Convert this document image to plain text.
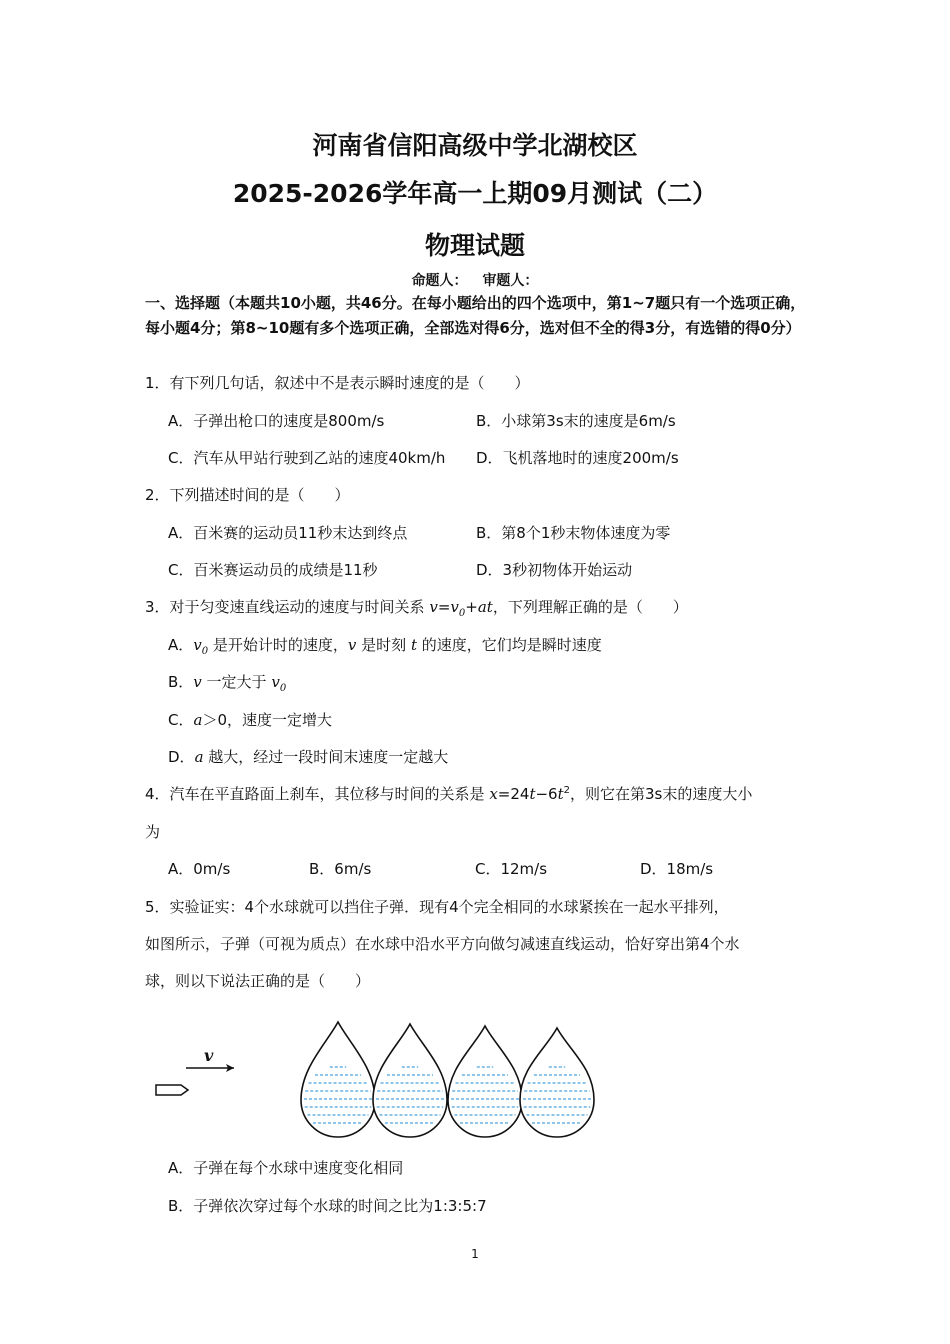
河南省信阳高级中学北湖校区
2025-2026学年高一上期09月测试（二）
物理试题
命题人： 审题人：
一、选择题（本题共10小题，共46分。在每小题给出的四个选项中，第1~7题只有一个选项正确，每小题4分；第8~10题有多个选项正确，全部选对得6分，选对但不全的得3分，有选错的得0分）
1．有下列几句话，叙述中不是表示瞬时速度的是（　　）
A．子弹出枪口的速度是800m/s	B．小球第3s末的速度是6m/s
C．汽车从甲站行驶到乙站的速度40km/h D．飞机落地时的速度200m/s
2．下列描述时间的是（　　）
A．百米赛的运动员11秒末达到终点	B．第8个1秒末物体速度为零
C．百米赛运动员的成绩是11秒	D．3秒初物体开始运动
3．对于匀变速直线运动的速度与时间关系 $v=v_0+at$，下列理解正确的是（　　）
A．$v_0$ 是开始计时的速度，v 是时刻 t 的速度，它们均是瞬时速度
B．v 一定大于 $v_0$
C．a＞0，速度一定增大
D．a 越大，经过一段时间末速度一定越大
4．汽车在平直路面上刹车，其位移与时间的关系是 $x=24t-6t^2$，则它在第3s末的速度大小
为
A．0m/s	B．6m/s	C．12m/s	D．18m/s
5．实验证实：4个水球就可以挡住子弹．现有4个完全相同的水球紧挨在一起水平排列，
如图所示，子弹（可视为质点）在水球中沿水平方向做匀减速直线运动，恰好穿出第4个水
球，则以下说法正确的是（　　）
v
A．子弹在每个水球中速度变化相同
B．子弹依次穿过每个水球的时间之比为1:3:5:7
1
